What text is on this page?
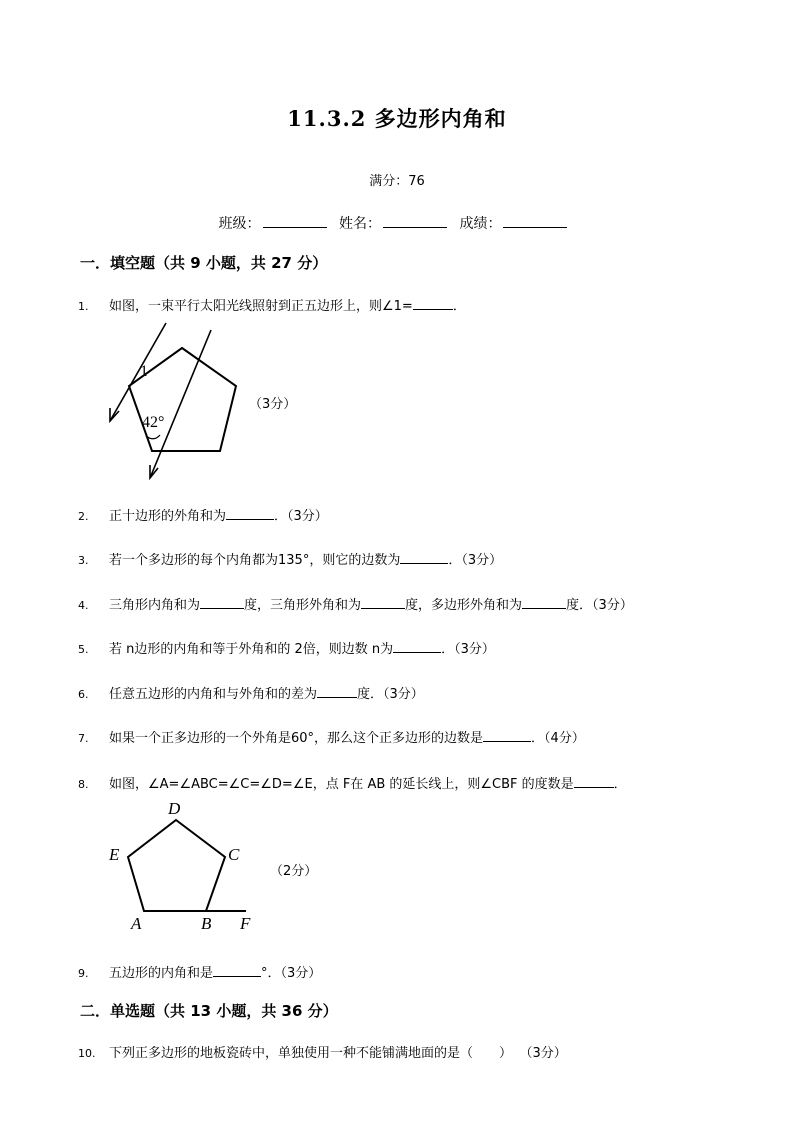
11.3.2 多边形内角和
满分：76
班级：	姓名：	成绩：
一．填空题（共 9 小题，共 27 分）
1. 如图，一束平行太阳光线照射到正五边形上，则∠1=	．
1
42°
（3分）
2. 正十边形的外角和为	．（3分）
3. 若一个多边形的每个内角都为135°，则它的边数为	．（3分）
4. 三角形内角和为	度，三角形外角和为	度，多边形外角和为	度．（3分）
5. 若 n边形的内角和等于外角和的 2倍，则边数 n为	．（3分）
6. 任意五边形的内角和与外角和的差为	度．（3分）
7. 如果一个正多边形的一个外角是60°，那么这个正多边形的边数是	．（4分）
8. 如图，∠A=∠ABC=∠C=∠D=∠E，点 F在 AB 的延长线上，则∠CBF 的度数是	．
D
C
E
A	B F
（2分）
9. 五边形的内角和是	°．（3分）
二．单选题（共 13 小题，共 36 分）
10. 下列正多边形的地板瓷砖中，单独使用一种不能铺满地面的是（　　） （3分）
